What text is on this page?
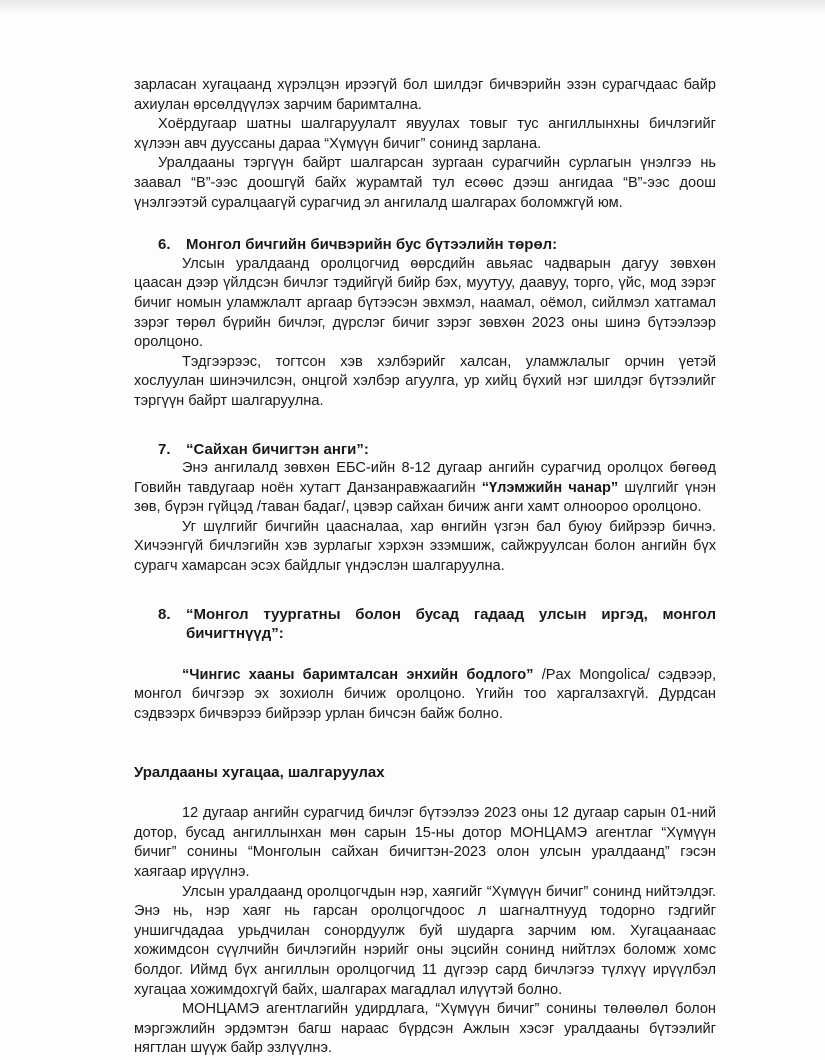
зарласан хугацаанд хүрэлцэн ирээгүй бол шилдэг бичвэрийн эзэн сурагчдаас байр ахиулан өрсөлдүүлэх зарчим баримтална.

Хоёрдугаар шатны шалгаруулалт явуулах товыг тус ангиллынхны бичлэгийг хүлээн авч дууссаны дараа “Хүмүүн бичиг” сонинд зарлана.

Уралдааны тэргүүн байрт шалгарсан зургаан сурагчийн сурлагын үнэлгээ нь заавал “В”-ээс доошгүй байх журамтай тул есөөс дээш ангидаа “В”-ээс доош үнэлгээтэй суралцаагүй сурагчид эл ангилалд шалгарах боломжгүй юм.

6.	Монгол бичгийн бичвэрийн бус бүтээлийн төрөл:

Улсын уралдаанд оролцогчид өөрсдийн авьяас чадварын дагуу зөвхөн цаасан дээр үйлдсэн бичлэг тэдийгүй бийр бэх, муутуу, даавуу, торго, үйс, мод зэрэг бичиг номын уламжлалт аргаар бүтээсэн эвхмэл, наамал, оёмол, сийлмэл хатгамал зэрэг төрөл бүрийн бичлэг, дүрслэг бичиг зэрэг зөвхөн 2023 оны шинэ бүтээлээр оролцоно.

Тэдгээрээс, тогтсон хэв хэлбэрийг халсан, уламжлалыг орчин үетэй хослуулан шинэчилсэн, онцгой хэлбэр агуулга, ур хийц бүхий нэг шилдэг бүтээлийг тэргүүн байрт шалгаруулна.

7.	“Сайхан бичигтэн анги”:

Энэ ангилалд зөвхөн ЕБС-ийн 8-12 дугаар ангийн сурагчид оролцох бөгөөд Говийн тавдугаар ноён хутагт Данзанравжаагийн “Үлэмжийн чанар” шүлгийг үнэн зөв, бүрэн гүйцэд /таван бадаг/, цэвэр сайхан бичиж анги хамт олноороо оролцоно.

Уг шүлгийг бичгийн цаасналаа, хар өнгийн үзгэн бал буюу бийрээр бичнэ. Хичээнгүй бичлэгийн хэв зурлагыг хэрхэн эзэмшиж, сайжруулсан болон ангийн бүх сурагч хамарсан эсэх байдлыг үндэслэн шалгаруулна.

8.	“Монгол туургатны болон бусад гадаад улсын иргэд, монгол бичигтнүүд”:

“Чингис хааны баримталсан энхийн бодлого” /Pax Mongolica/ сэдвээр, монгол бичгээр эх зохиолн бичиж оролцоно. Үгийн тоо харгалзахгүй. Дурдсан сэдвээрх бичвэрээ бийрээр урлан бичсэн байж болно.

Уралдааны хугацаа, шалгаруулах

12 дугаар ангийн сурагчид бичлэг бүтээлээ 2023 оны 12 дугаар сарын 01-ний дотор, бусад ангиллынхан мөн сарын 15-ны дотор МОНЦАМЭ агентлаг “Хүмүүн бичиг” сонины “Монголын сайхан бичигтэн-2023 олон улсын уралдаанд” гэсэн хаягаар ирүүлнэ.

Улсын уралдаанд оролцогчдын нэр, хаягийг “Хүмүүн бичиг” сонинд нийтэлдэг. Энэ нь, нэр хаяг нь гарсан оролцогчдоос л шагналтнууд тодорно гэдгийг уншигчдадаа урьдчилан сонордуулж буй шударга зарчим юм. Хугацаанаас хожимдсон сүүлчийн бичлэгийн нэрийг оны эцсийн сонинд нийтлэх боломж хомс болдог. Иймд бүх ангиллын оролцогчид 11 дүгээр сард бичлэгээ түлхүү ирүүлбэл хугацаа хожимдохгүй байх, шалгарах магадлал илүүтэй болно.

МОНЦАМЭ агентлагийн удирдлага, “Хүмүүн бичиг” сонины төлөөлөл болон мэргэжлийн эрдэмтэн багш нараас бүрдсэн Ажлын хэсэг уралдааны бүтээлийг нягтлан шүүж байр эзлүүлнэ.
